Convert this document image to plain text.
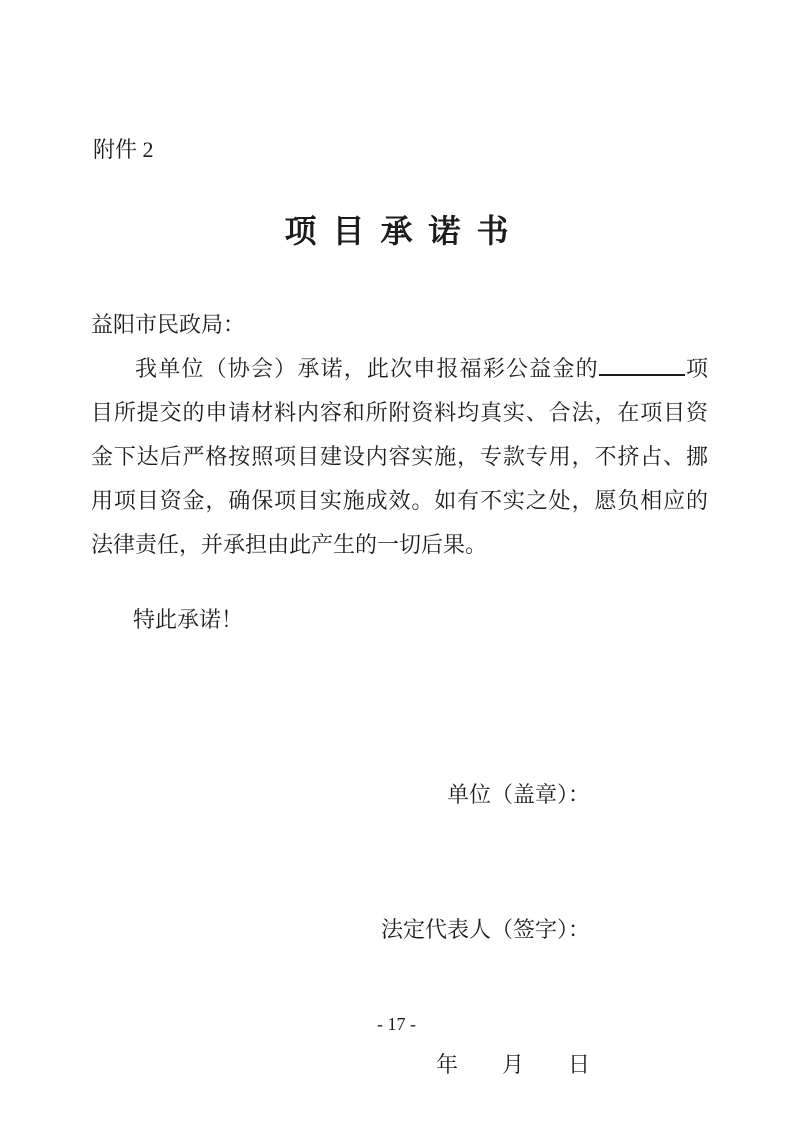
附件 2
项 目 承 诺 书
益阳市民政局：
我单位（协会）承诺，此次申报福彩公益金的	项
目所提交的申请材料内容和所附资料均真实、合法，在项目资
金下达后严格按照项目建设内容实施，专款专用，不挤占、挪
用项目资金，确保项目实施成效。如有不实之处，愿负相应的
法律责任，并承担由此产生的一切后果。
特此承诺！

单位（盖章）：

法定代表人（签字）：

年　　月　　日

- 17 -
